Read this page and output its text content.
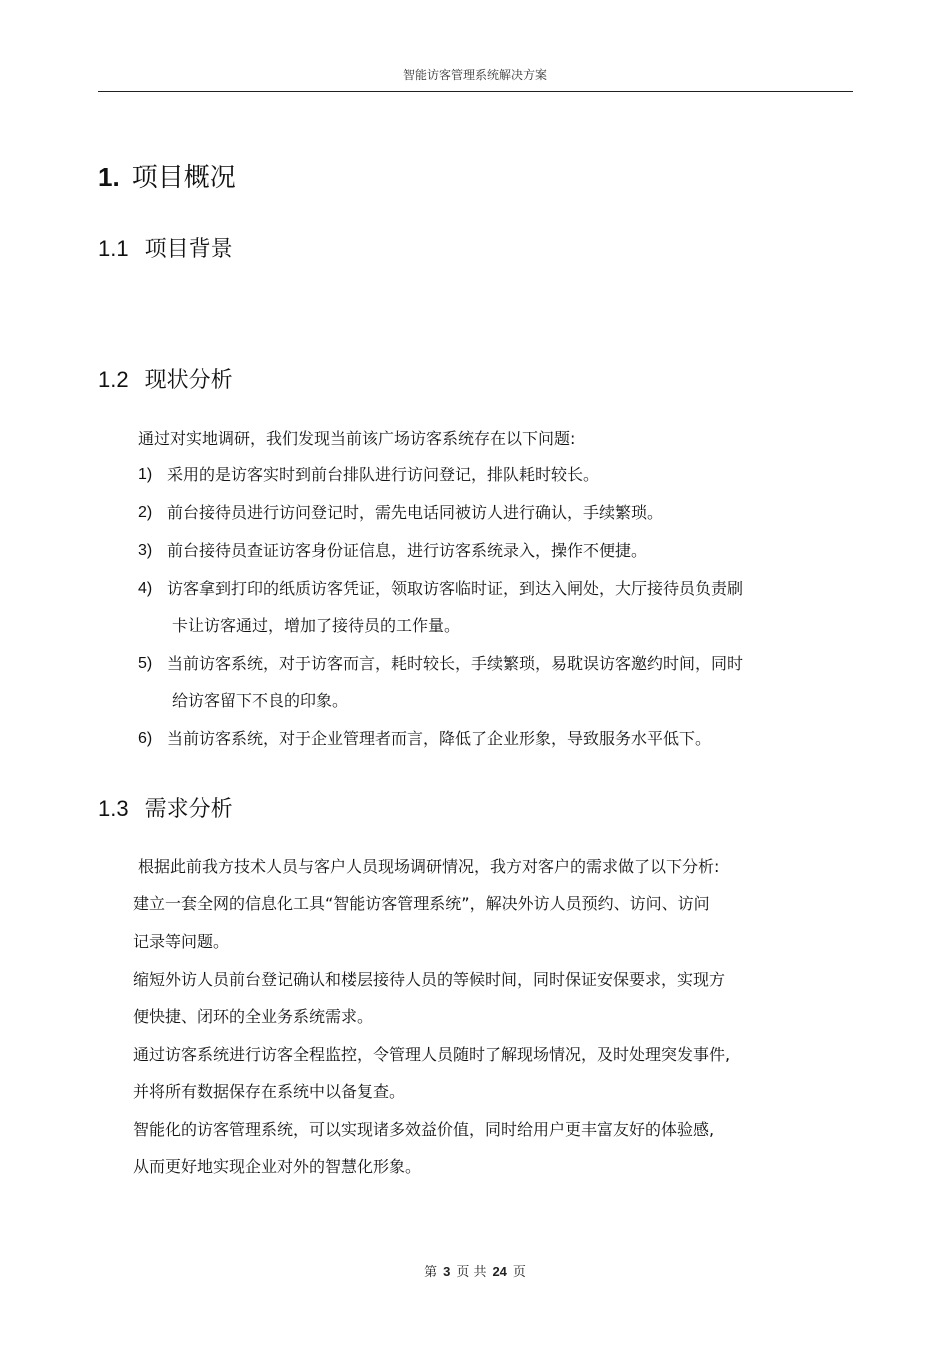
智能访客管理系统解决方案
1. 项目概况
1.1 项目背景
1.2 现状分析
通过对实地调研，我们发现当前该广场访客系统存在以下问题:
1) 采用的是访客实时到前台排队进行访问登记，排队耗时较长。
2) 前台接待员进行访问登记时，需先电话同被访人进行确认，手续繁琐。
3) 前台接待员查证访客身份证信息，进行访客系统录入，操作不便捷。
4) 访客拿到打印的纸质访客凭证，领取访客临时证，到达入闸处，大厅接待员负责刷
卡让访客通过，增加了接待员的工作量。
5) 当前访客系统，对于访客而言，耗时较长，手续繁琐，易耽误访客邀约时间，同时
给访客留下不良的印象。
6) 当前访客系统，对于企业管理者而言，降低了企业形象，导致服务水平低下。
1.3 需求分析
根据此前我方技术人员与客户人员现场调研情况，我方对客户的需求做了以下分析:
建立一套全网的信息化工具“智能访客管理系统”，解决外访人员预约、访问、访问
记录等问题。
缩短外访人员前台登记确认和楼层接待人员的等候时间，同时保证安保要求，实现方
便快捷、闭环的全业务系统需求。
通过访客系统进行访客全程监控，令管理人员随时了解现场情况，及时处理突发事件,
并将所有数据保存在系统中以备复查。
智能化的访客管理系统，可以实现诸多效益价值，同时给用户更丰富友好的体验感,
从而更好地实现企业对外的智慧化形象。
第 3 页 共 24 页
